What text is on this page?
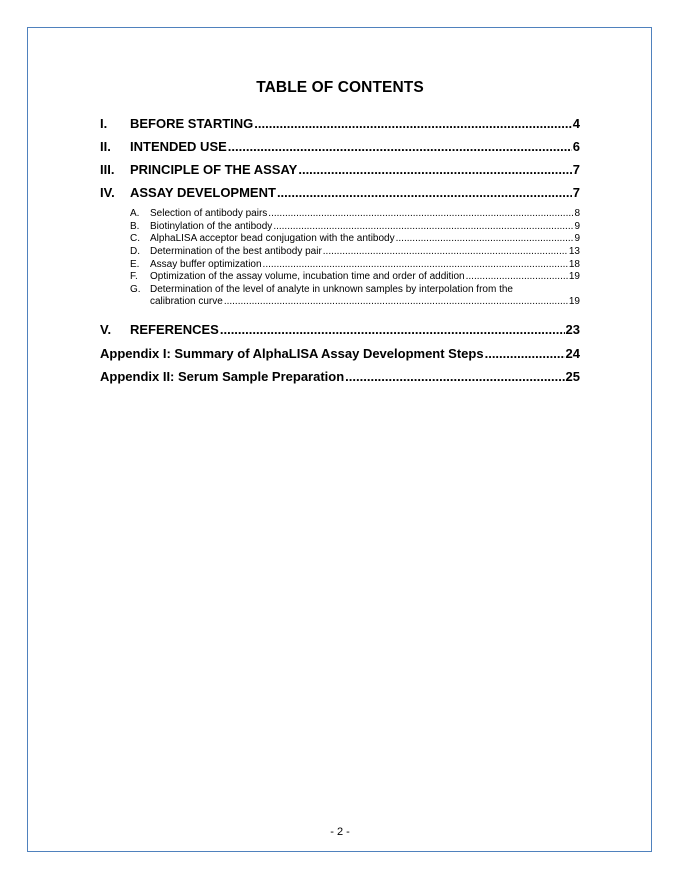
TABLE OF CONTENTS
I.	BEFORE STARTING .....	4
II.	INTENDED USE .....	6
III.	PRINCIPLE OF THE ASSAY .....	7
IV.	ASSAY DEVELOPMENT .....	7
A.	Selection of antibody pairs .....	8
B.	Biotinylation of the antibody .....	9
C.	AlphaLISA acceptor bead conjugation with the antibody .....	9
D.	Determination of the best antibody pair .....	13
E.	Assay buffer optimization .....	18
F.	Optimization of the assay volume, incubation time and order of addition .....	19
G. Determination of the level of analyte in unknown samples by interpolation from the
calibration curve .....	19
V.	REFERENCES .....	23
Appendix I: Summary of AlphaLISA Assay Development Steps .....	24
Appendix II: Serum Sample Preparation .....	25
- 2 -
